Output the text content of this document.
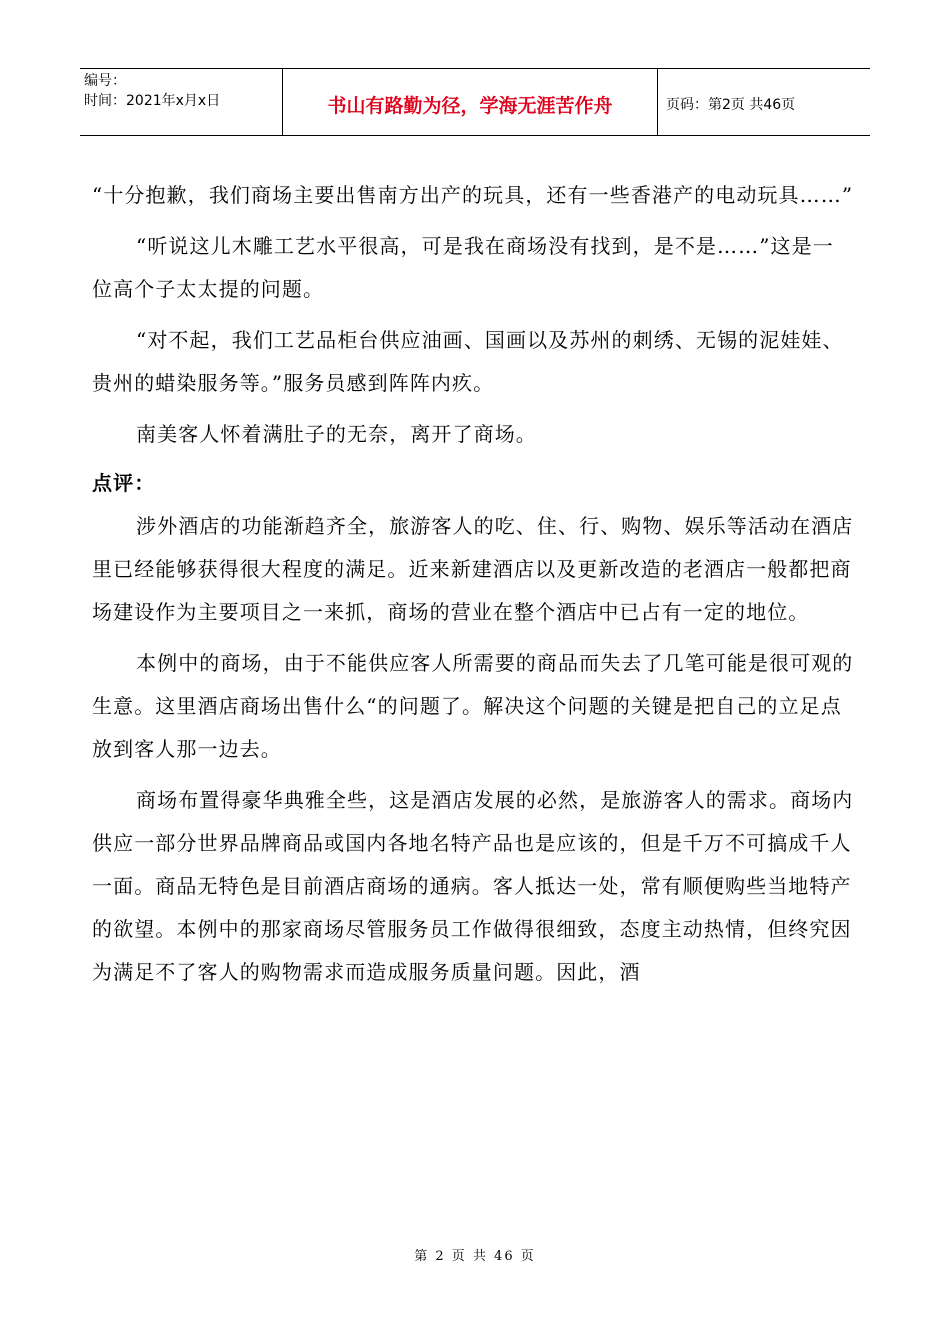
编号：
时间：2021年x月x日	书山有路勤为径，学海无涯苦作舟	页码：第2页 共46页

“十分抱歉，我们商场主要出售南方出产的玩具，还有一些香港产的电动玩具……”

“听说这儿木雕工艺水平很高，可是我在商场没有找到，是不是……”这是一位高个子太太提的问题。

“对不起，我们工艺品柜台供应油画、国画以及苏州的刺绣、无锡的泥娃娃、贵州的蜡染服务等。”服务员感到阵阵内疚。

南美客人怀着满肚子的无奈，离开了商场。

点评：

涉外酒店的功能渐趋齐全，旅游客人的吃、住、行、购物、娱乐等活动在酒店里已经能够获得很大程度的满足。近来新建酒店以及更新改造的老酒店一般都把商场建设作为主要项目之一来抓，商场的营业在整个酒店中已占有一定的地位。

本例中的商场，由于不能供应客人所需要的商品而失去了几笔可能是很可观的生意。这里酒店商场出售什么“的问题了。解决这个问题的关键是把自己的立足点放到客人那一边去。

商场布置得豪华典雅全些，这是酒店发展的必然，是旅游客人的需求。商场内供应一部分世界品牌商品或国内各地名特产品也是应该的，但是千万不可搞成千人一面。商品无特色是目前酒店商场的通病。客人抵达一处，常有顺便购些当地特产的欲望。本例中的那家商场尽管服务员工作做得很细致，态度主动热情，但终究因为满足不了客人的购物需求而造成服务质量问题。因此，酒

第 2 页 共 46 页
